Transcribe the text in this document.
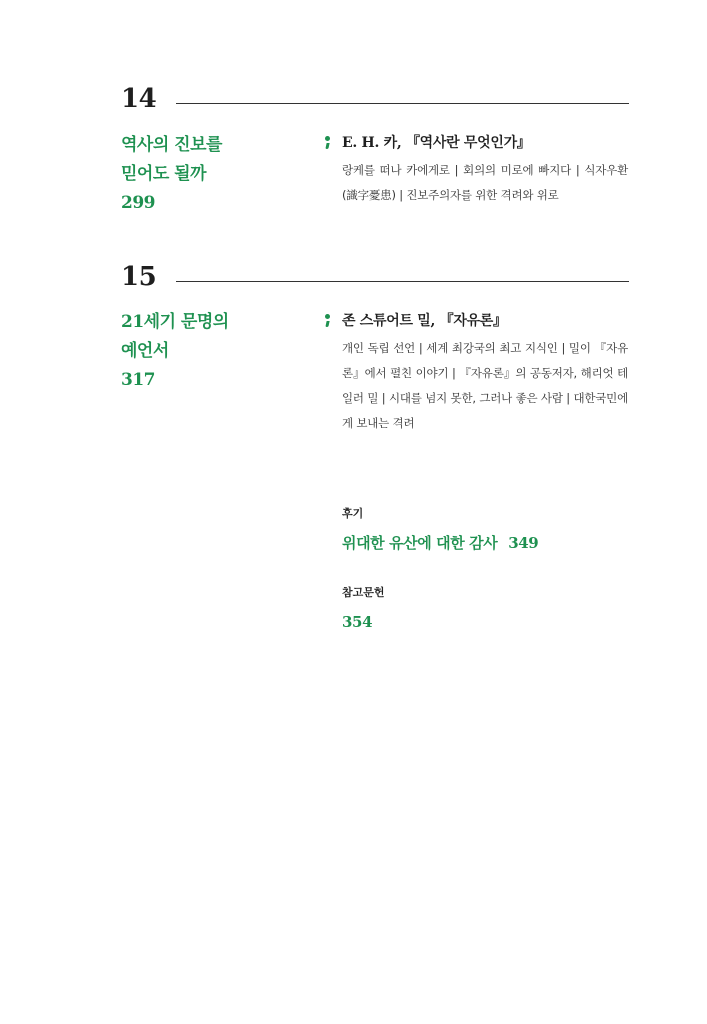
14
역사의 진보를
믿어도 될까
299
E. H. 카, 『역사란 무엇인가』
랑케를 떠나 카에게로 | 회의의 미로에 빠지다 | 식자우환(識字憂患) | 진보주의자를 위한 격려와 위로
15
21세기 문명의
예언서
317
존 스튜어트 밀, 『자유론』
개인 독립 선언 | 세계 최강국의 최고 지식인 | 밀이 『자유론』에서 펼친 이야기 | 『자유론』의 공동저자, 해리엇 테일러 밀 | 시대를 넘지 못한, 그러나 좋은 사람 | 대한국민에게 보내는 격려
후기
위대한 유산에 대한 감사 349
참고문헌
354
